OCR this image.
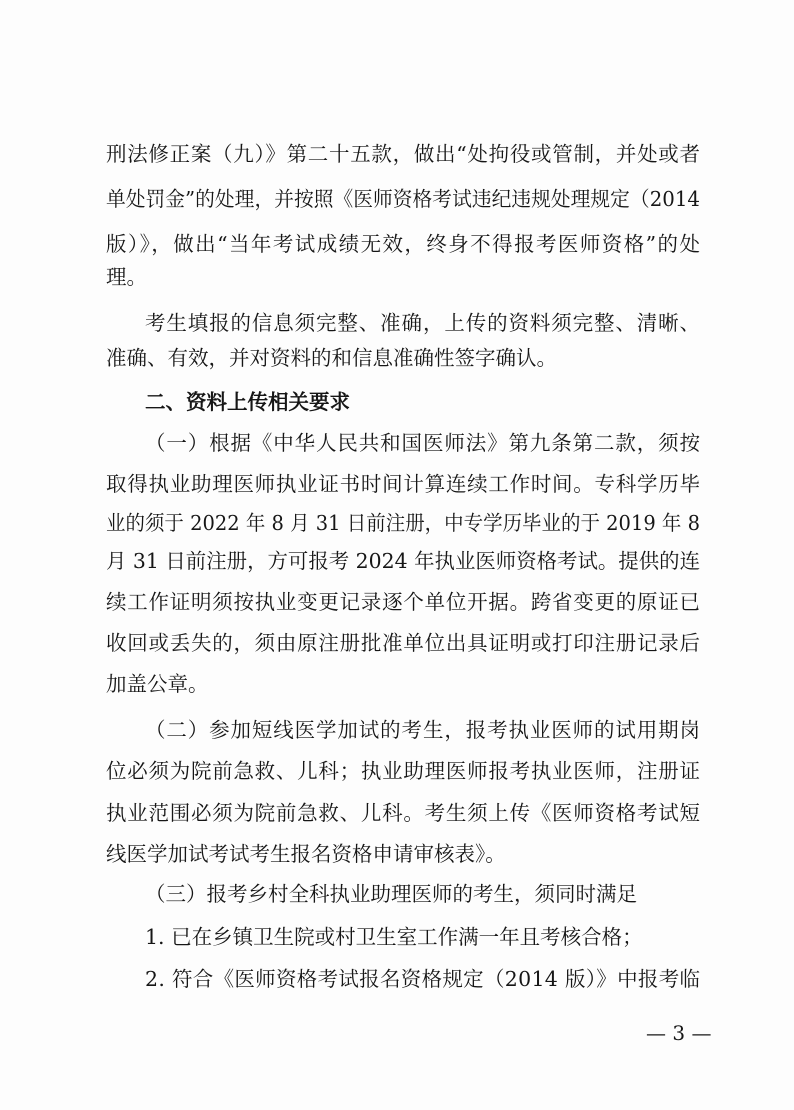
刑法修正案（九）》第二十五款，做出“处拘役或管制，并处或者
单处罚金”的处理，并按照《医师资格考试违纪违规处理规定（2014
版）》，做出“当年考试成绩无效，终身不得报考医师资格”的处
理。
考生填报的信息须完整、准确，上传的资料须完整、清晰、
准确、有效，并对资料的和信息准确性签字确认。
二、资料上传相关要求
（一）根据《中华人民共和国医师法》第九条第二款，须按
取得执业助理医师执业证书时间计算连续工作时间。专科学历毕
业的须于 2022 年 8 月 31 日前注册，中专学历毕业的于 2019 年 8
月 31 日前注册，方可报考 2024 年执业医师资格考试。提供的连
续工作证明须按执业变更记录逐个单位开据。跨省变更的原证已
收回或丢失的，须由原注册批准单位出具证明或打印注册记录后
加盖公章。
（二）参加短线医学加试的考生，报考执业医师的试用期岗
位必须为院前急救、儿科；执业助理医师报考执业医师，注册证
执业范围必须为院前急救、儿科。考生须上传《医师资格考试短
线医学加试考试考生报名资格申请审核表》。
（三）报考乡村全科执业助理医师的考生，须同时满足
1. 已在乡镇卫生院或村卫生室工作满一年且考核合格；
2. 符合《医师资格考试报名资格规定（2014 版）》中报考临
— 3 —
